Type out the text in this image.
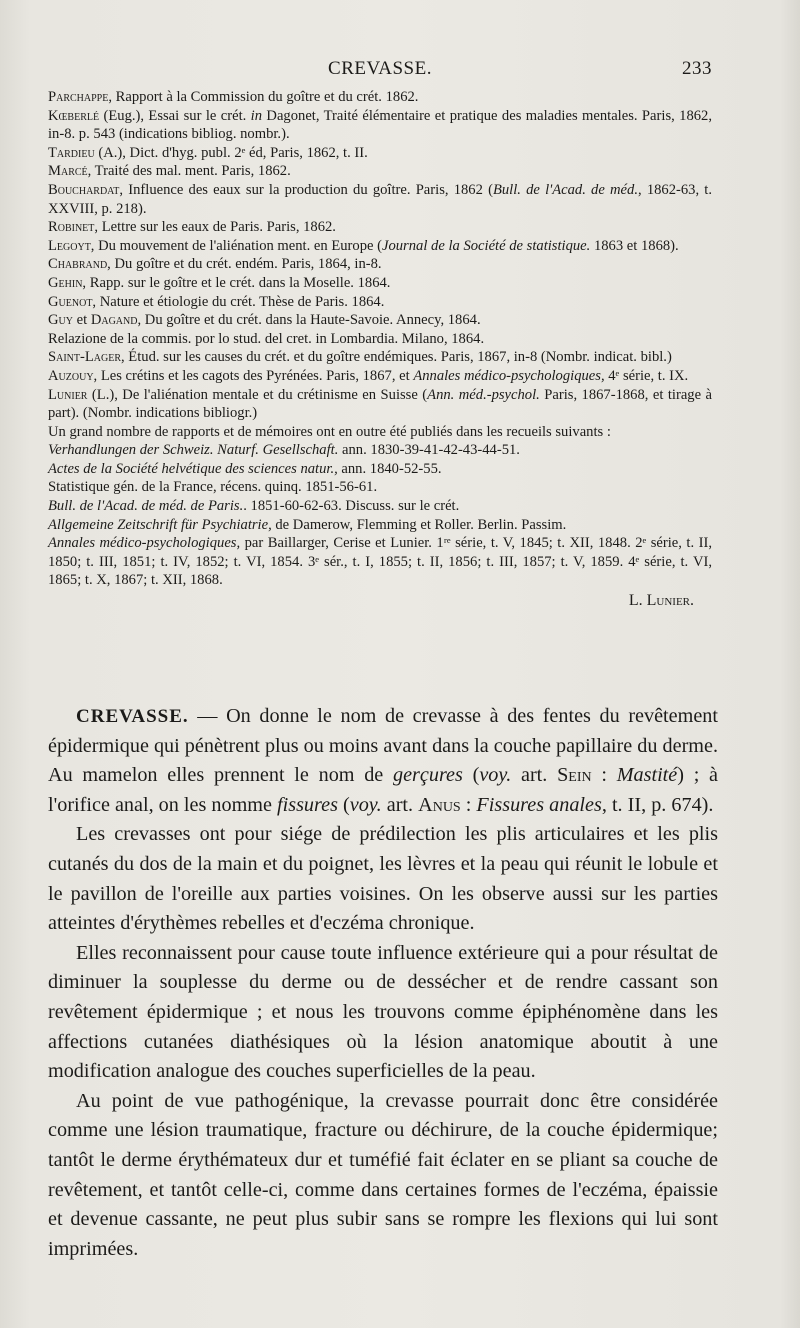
CREVASSE.	233
Parchappe, Rapport à la Commission du goître et du crét. 1862.
Kœberlé (Eug.), Essai sur le crét. in Dagonet, Traité élémentaire et pratique des maladies mentales. Paris, 1862, in-8. p. 543 (indications bibliog. nombr.).
Tardieu (A.), Dict. d'hyg. publ. 2ᵉ éd, Paris, 1862, t. II.
Marcé, Traité des mal. ment. Paris, 1862.
Bouchardat, Influence des eaux sur la production du goître. Paris, 1862 (Bull. de l'Acad. de méd., 1862-63, t. XXVIII, p. 218).
Robinet, Lettre sur les eaux de Paris. Paris, 1862.
Legoyt, Du mouvement de l'aliénation ment. en Europe (Journal de la Société de statistique. 1863 et 1868).
Chabrand, Du goître et du crét. endém. Paris, 1864, in-8.
Gehin, Rapp. sur le goître et le crét. dans la Moselle. 1864.
Guenot, Nature et étiologie du crét. Thèse de Paris. 1864.
Guy et Dagand, Du goître et du crét. dans la Haute-Savoie. Annecy, 1864.
Relazione de la commis. por lo stud. del cret. in Lombardia. Milano, 1864.
Saint-Lager, Étud. sur les causes du crét. et du goître endémiques. Paris, 1867, in-8 (Nombr. indicat. bibl.)
Auzouy, Les crétins et les cagots des Pyrénées. Paris, 1867, et Annales médico-psychologiques, 4ᵉ série, t. IX.
Lunier (L.), De l'aliénation mentale et du crétinisme en Suisse (Ann. méd.-psychol. Paris, 1867-1868, et tirage à part). (Nombr. indications bibliogr.)
Un grand nombre de rapports et de mémoires ont en outre été publiés dans les recueils suivants :
Verhandlungen der Schweiz. Naturf. Gesellschaft. ann. 1830-39-41-42-43-44-51.
Actes de la Société helvétique des sciences natur., ann. 1840-52-55.
Statistique gén. de la France, récens. quinq. 1851-56-61.
Bull. de l'Acad. de méd. de Paris.. 1851-60-62-63. Discuss. sur le crét.
Allgemeine Zeitschrift für Psychiatrie, de Damerow, Flemming et Roller. Berlin. Passim.
Annales médico-psychologiques, par Baillarger, Cerise et Lunier. 1ʳᵉ série, t. V, 1845; t. XII, 1848. 2ᵉ série, t. II, 1850; t. III, 1851; t. IV, 1852; t. VI, 1854. 3ᵉ sér., t. I, 1855; t. II, 1856; t. III, 1857; t. V, 1859. 4ᵉ série, t. VI, 1865; t. X, 1867; t. XII, 1868.
L. Lunier.

CREVASSE. — On donne le nom de crevasse à des fentes du revêtement épidermique qui pénètrent plus ou moins avant dans la couche papillaire du derme. Au mamelon elles prennent le nom de gerçures (voy. art. Sein : Mastité) ; à l'orifice anal, on les nomme fissures (voy. art. Anus : Fissures anales, t. II, p. 674).

Les crevasses ont pour siége de prédilection les plis articulaires et les plis cutanés du dos de la main et du poignet, les lèvres et la peau qui réunit le lobule et le pavillon de l'oreille aux parties voisines. On les observe aussi sur les parties atteintes d'érythèmes rebelles et d'eczéma chronique.

Elles reconnaissent pour cause toute influence extérieure qui a pour résultat de diminuer la souplesse du derme ou de dessécher et de rendre cassant son revêtement épidermique ; et nous les trouvons comme épiphénomène dans les affections cutanées diathésiques où la lésion anatomique aboutit à une modification analogue des couches superficielles de la peau.

Au point de vue pathogénique, la crevasse pourrait donc être considérée comme une lésion traumatique, fracture ou déchirure, de la couche épidermique; tantôt le derme érythémateux dur et tuméfié fait éclater en se pliant sa couche de revêtement, et tantôt celle-ci, comme dans certaines formes de l'eczéma, épaissie et devenue cassante, ne peut plus subir sans se rompre les flexions qui lui sont imprimées.
